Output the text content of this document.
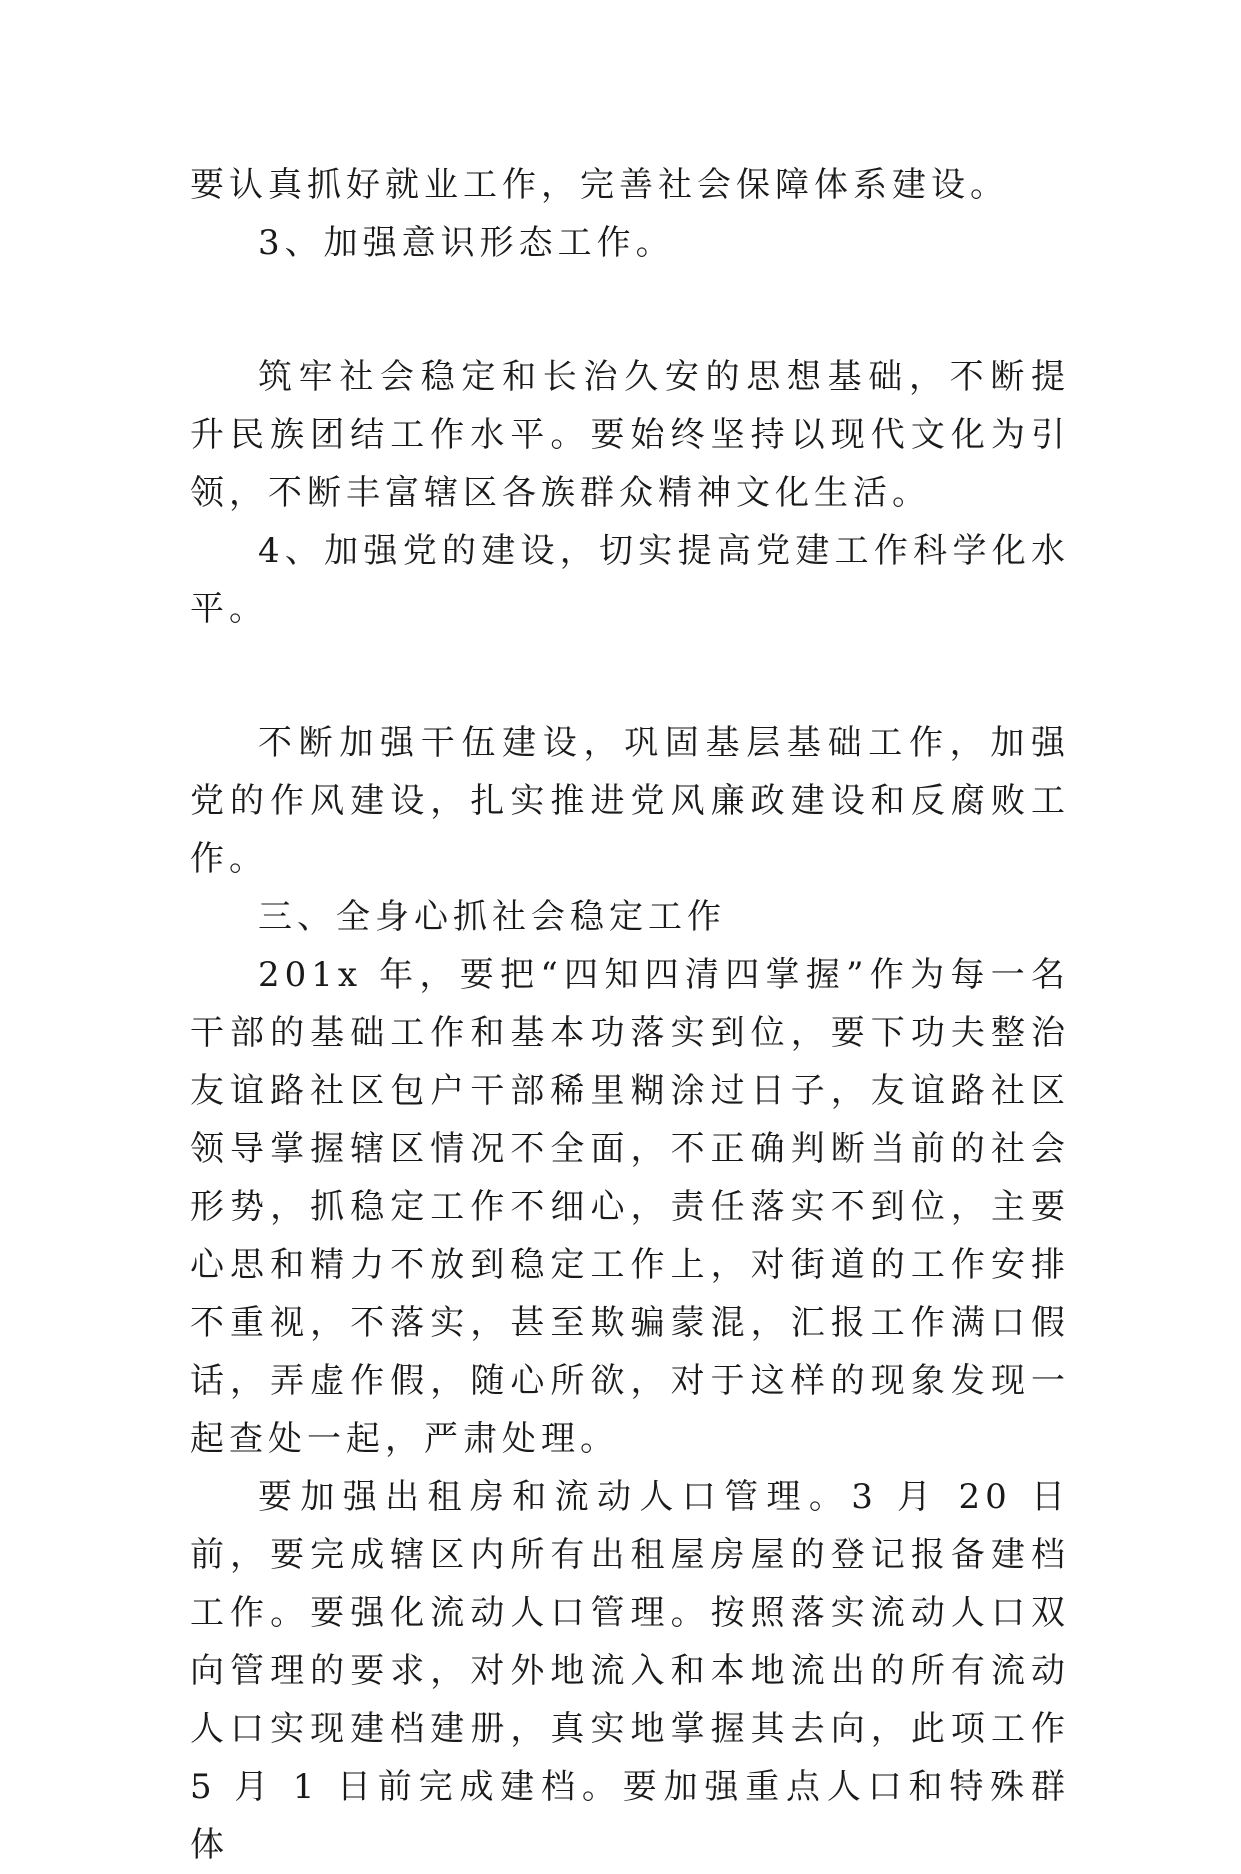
要认真抓好就业工作，完善社会保障体系建设。

3、加强意识形态工作。

筑牢社会稳定和长治久安的思想基础，不断提升民族团结工作水平。要始终坚持以现代文化为引领，不断丰富辖区各族群众精神文化生活。

4、加强党的建设，切实提高党建工作科学化水平。

不断加强干伍建设，巩固基层基础工作，加强党的作风建设，扎实推进党风廉政建设和反腐败工作。

三、全身心抓社会稳定工作

201x 年，要把“四知四清四掌握”作为每一名干部的基础工作和基本功落实到位，要下功夫整治友谊路社区包户干部稀里糊涂过日子，友谊路社区领导掌握辖区情况不全面，不正确判断当前的社会形势，抓稳定工作不细心，责任落实不到位，主要心思和精力不放到稳定工作上，对街道的工作安排不重视，不落实，甚至欺骗蒙混，汇报工作满口假话，弄虚作假，随心所欲，对于这样的现象发现一起查处一起，严肃处理。

要加强出租房和流动人口管理。3 月 20 日前，要完成辖区内所有出租屋房屋的登记报备建档工作。要强化流动人口管理。按照落实流动人口双向管理的要求，对外地流入和本地流出的所有流动人口实现建档建册，真实地掌握其去向，此项工作 5 月 1 日前完成建档。要加强重点人口和特殊群体
